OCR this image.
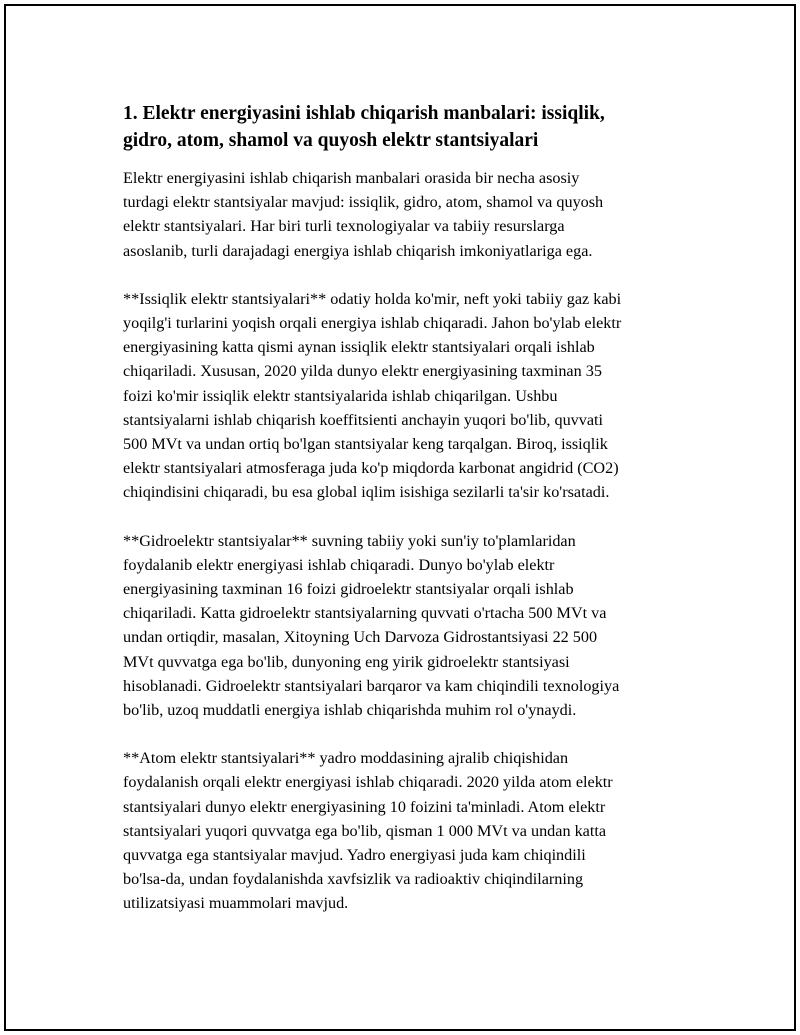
1. Elektr energiyasini ishlab chiqarish manbalari: issiqlik,
gidro, atom, shamol va quyosh elektr stantsiyalari

Elektr energiyasini ishlab chiqarish manbalari orasida bir necha asosiy
turdagi elektr stantsiyalar mavjud: issiqlik, gidro, atom, shamol va quyosh
elektr stantsiyalari. Har biri turli texnologiyalar va tabiiy resurslarga
asoslanib, turli darajadagi energiya ishlab chiqarish imkoniyatlariga ega.

**Issiqlik elektr stantsiyalari** odatiy holda ko'mir, neft yoki tabiiy gaz kabi
yoqilg'i turlarini yoqish orqali energiya ishlab chiqaradi. Jahon bo'ylab elektr
energiyasining katta qismi aynan issiqlik elektr stantsiyalari orqali ishlab
chiqariladi. Xususan, 2020 yilda dunyo elektr energiyasining taxminan 35
foizi ko'mir issiqlik elektr stantsiyalarida ishlab chiqarilgan. Ushbu
stantsiyalarni ishlab chiqarish koeffitsienti anchayin yuqori bo'lib, quvvati
500 MVt va undan ortiq bo'lgan stantsiyalar keng tarqalgan. Biroq, issiqlik
elektr stantsiyalari atmosferaga juda ko'p miqdorda karbonat angidrid (CO2)
chiqindisini chiqaradi, bu esa global iqlim isishiga sezilarli ta'sir ko'rsatadi.

**Gidroelektr stantsiyalar** suvning tabiiy yoki sun'iy to'plamlaridan
foydalanib elektr energiyasi ishlab chiqaradi. Dunyo bo'ylab elektr
energiyasining taxminan 16 foizi gidroelektr stantsiyalar orqali ishlab
chiqariladi. Katta gidroelektr stantsiyalarning quvvati o'rtacha 500 MVt va
undan ortiqdir, masalan, Xitoyning Uch Darvoza Gidrostantsiyasi 22 500
MVt quvvatga ega bo'lib, dunyoning eng yirik gidroelektr stantsiyasi
hisoblanadi. Gidroelektr stantsiyalari barqaror va kam chiqindili texnologiya
bo'lib, uzoq muddatli energiya ishlab chiqarishda muhim rol o'ynaydi.

**Atom elektr stantsiyalari** yadro moddasining ajralib chiqishidan
foydalanish orqali elektr energiyasi ishlab chiqaradi. 2020 yilda atom elektr
stantsiyalari dunyo elektr energiyasining 10 foizini ta'minladi. Atom elektr
stantsiyalari yuqori quvvatga ega bo'lib, qisman 1 000 MVt va undan katta
quvvatga ega stantsiyalar mavjud. Yadro energiyasi juda kam chiqindili
bo'lsa-da, undan foydalanishda xavfsizlik va radioaktiv chiqindilarning
utilizatsiyasi muammolari mavjud.
